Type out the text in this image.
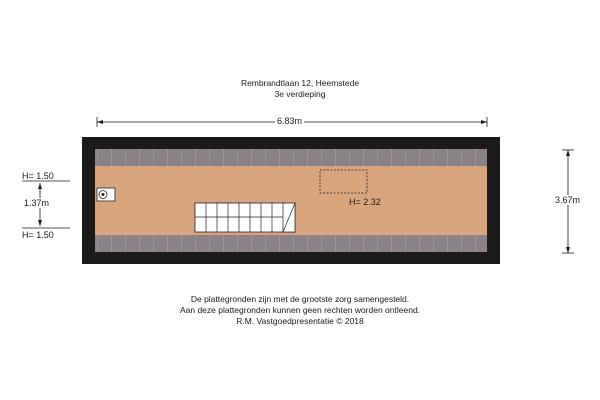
Rembrandtlaan 12, Heemstede
3e verdieping
6.83m
3.67m
H= 1.50
1.37m
H= 1.50
H= 2.32
De plattegronden zijn met de grootste zorg samengesteld.
Aan deze plattegronden kunnen geen rechten worden ontleend.
R.M. Vastgoedpresentatie © 2018
